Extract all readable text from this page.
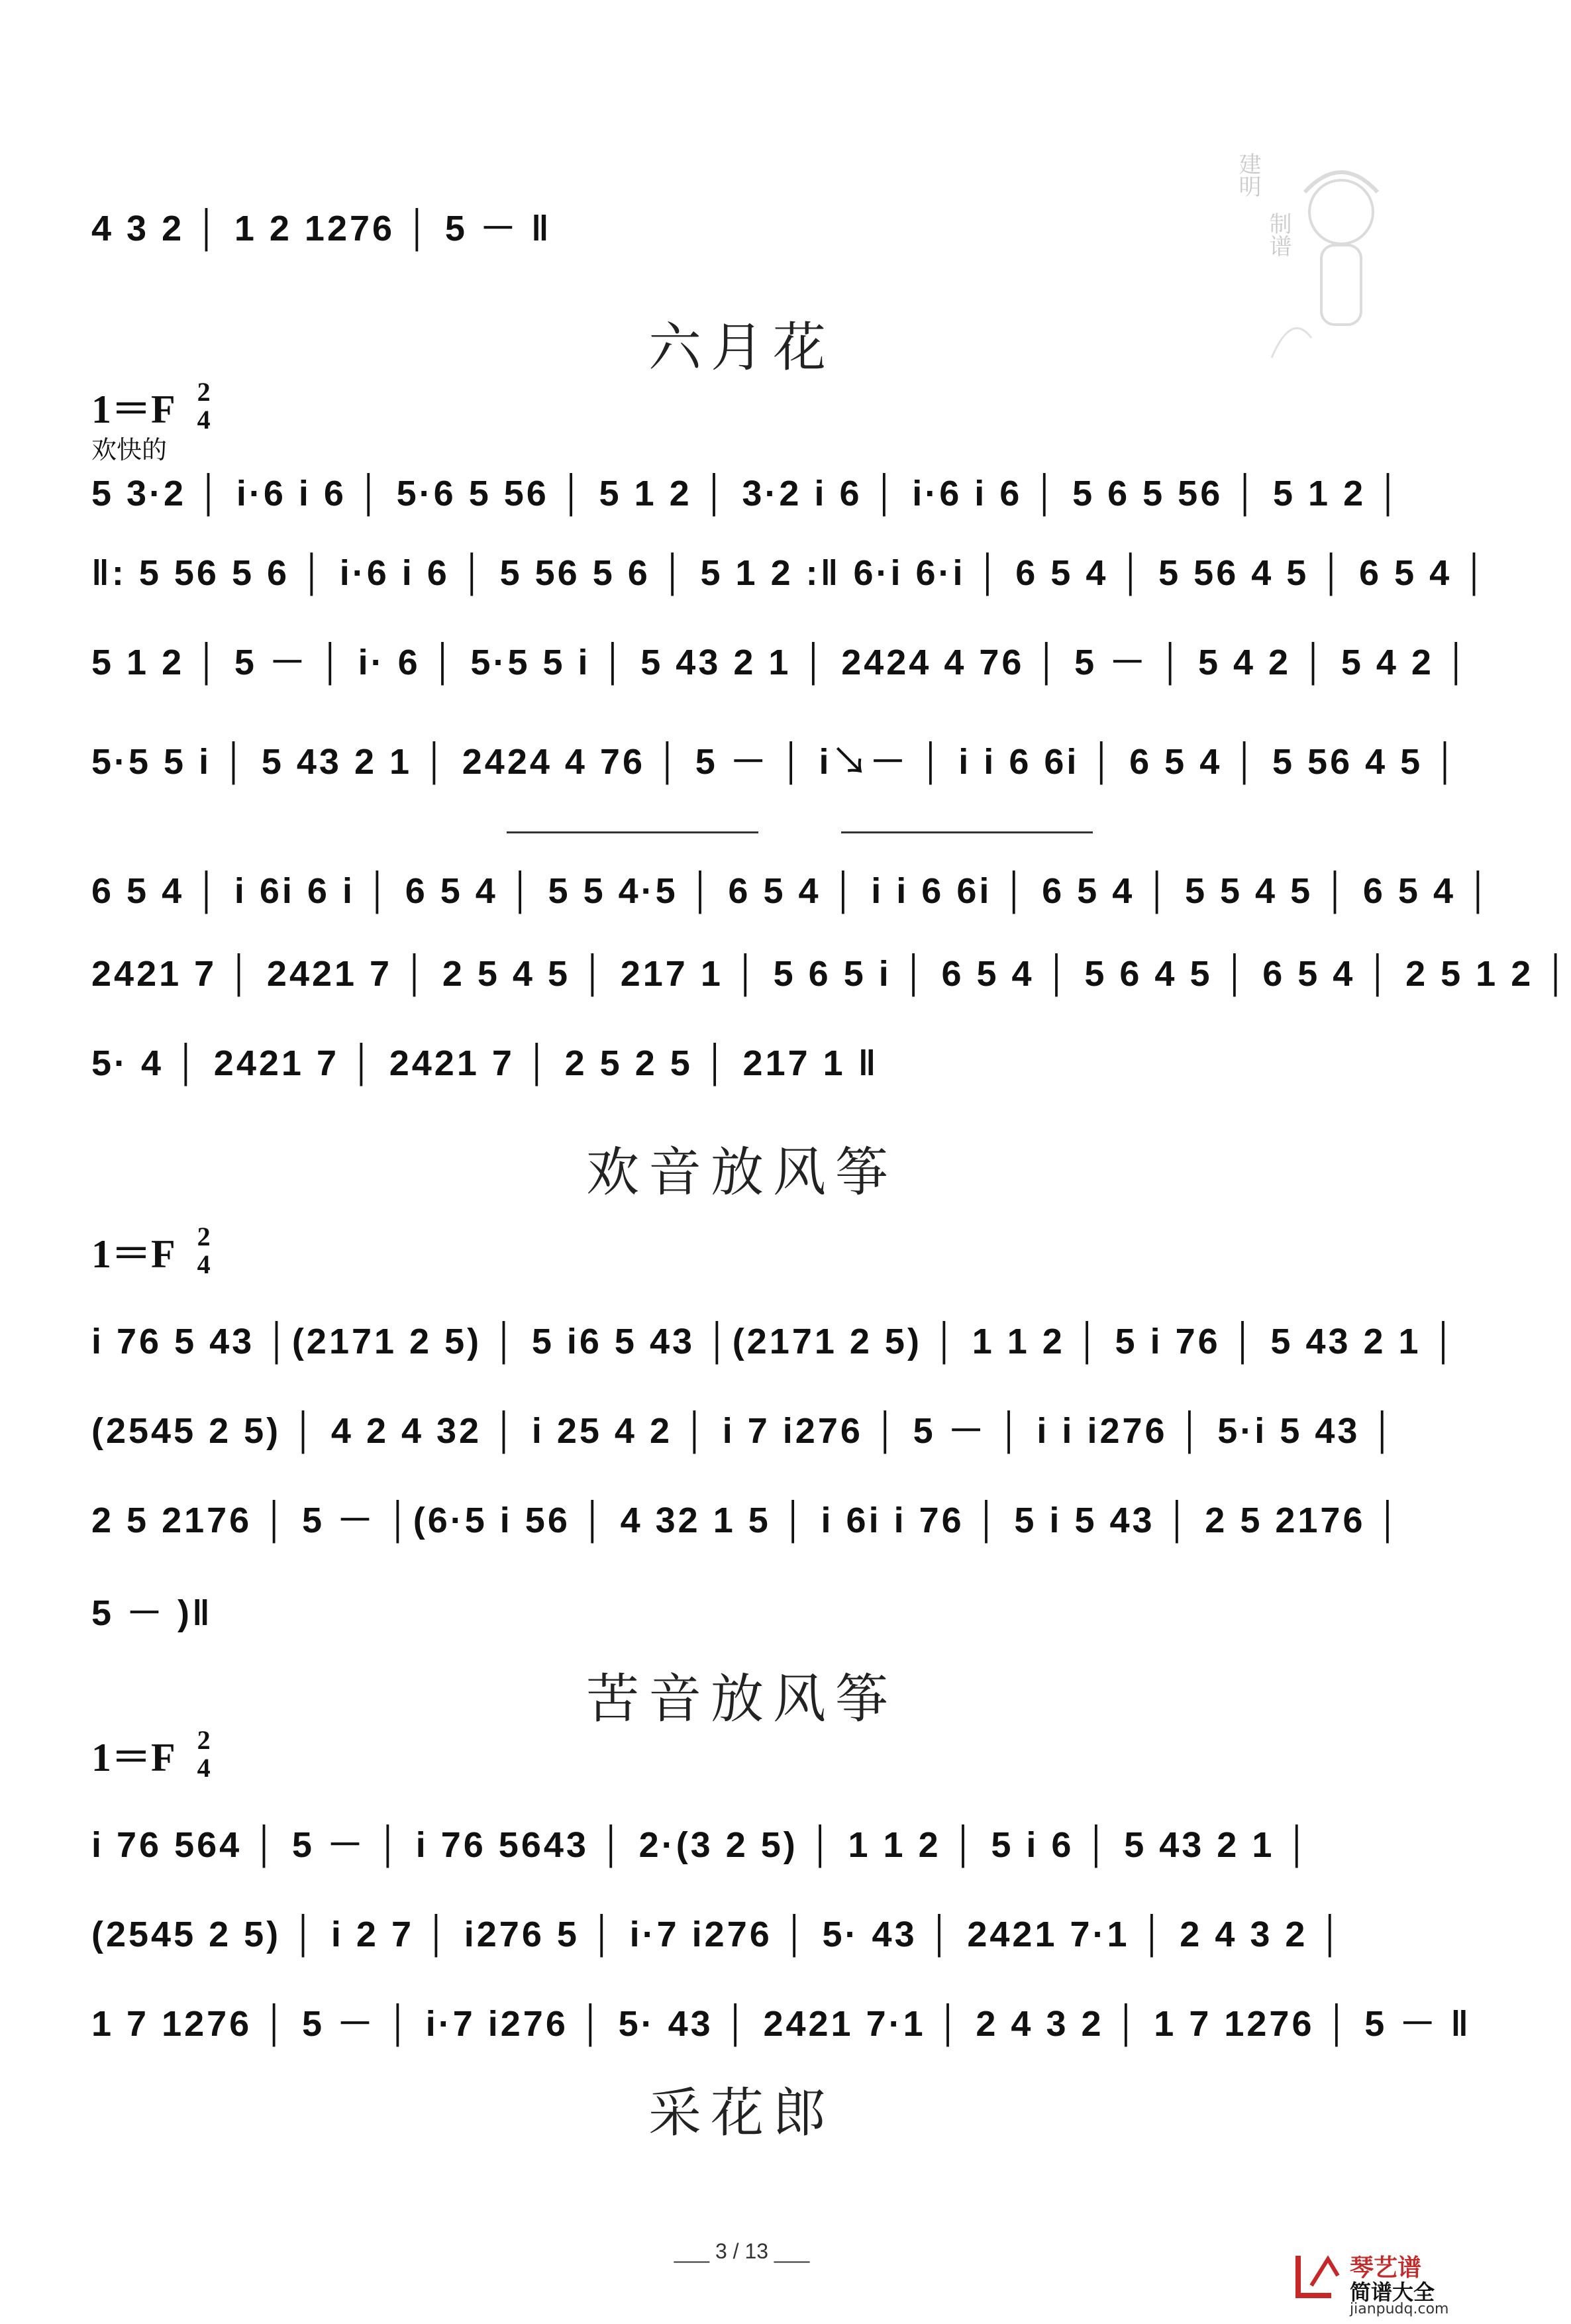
建明
制谱
4 3 2 │ 1 2 1276 │ 5 － ‖
六月花
1＝F 2
4
欢快的
5 3·2 │ i·6 i 6 │ 5·6 5 56 │ 5 1 2 │ 3·2 i 6 │ i·6 i 6 │ 5 6 5 56 │ 5 1 2 │
‖: 5 56 5 6 │ i·6 i 6 │ 5 56 5 6 │ 5 1 2 :‖ 6·i 6·i │ 6 5 4 │ 5 56 4 5 │ 6 5 4 │
5 1 2 │ 5 － │ i· 6 │ 5·5 5 i │ 5 43 2 1 │ 2424 4 76 │ 5 － │ 5 4 2 │ 5 4 2 │
5·5 5 i │ 5 43 2 1 │ 2424 4 76 │ 5 － │ i↘－ │ i i 6 6i │ 6 5 4 │ 5 56 4 5 │
6 5 4 │ i 6i 6 i │ 6 5 4 │ 5 5 4·5 │ 6 5 4 │ i i 6 6i │ 6 5 4 │ 5 5 4 5 │ 6 5 4 │
2421 7 │ 2421 7 │ 2 5 4 5 │ 217 1 │ 5 6 5 i │ 6 5 4 │ 5 6 4 5 │ 6 5 4 │ 2 5 1 2 │
5· 4 │ 2421 7 │ 2421 7 │ 2 5 2 5 │ 217 1 ‖
欢音放风筝
1＝F 2
4
i 76 5 43 │(2171 2 5) │ 5 i6 5 43 │(2171 2 5) │ 1 1 2 │ 5 i 76 │ 5 43 2 1 │
(2545 2 5) │ 4 2 4 32 │ i 25 4 2 │ i 7 i276 │ 5 － │ i i i276 │ 5·i 5 43 │
2 5 2176 │ 5 － │(6·5 i 56 │ 4 32 1 5 │ i 6i i 76 │ 5 i 5 43 │ 2 5 2176 │
5 － )‖
苦音放风筝
1＝F 2
4
i 76 564 │ 5 － │ i 76 5643 │ 2·(3 2 5) │ 1 1 2 │ 5 i 6 │ 5 43 2 1 │
(2545 2 5) │ i 2 7 │ i276 5 │ i·7 i276 │ 5· 43 │ 2421 7·1 │ 2 4 3 2 │
1 7 1276 │ 5 － │ i·7 i276 │ 5· 43 │ 2421 7·1 │ 2 4 3 2 │ 1 7 1276 │ 5 － ‖
采花郎
___ 3 / 13 ___
琴艺谱
简谱大全
jianpudq.com
